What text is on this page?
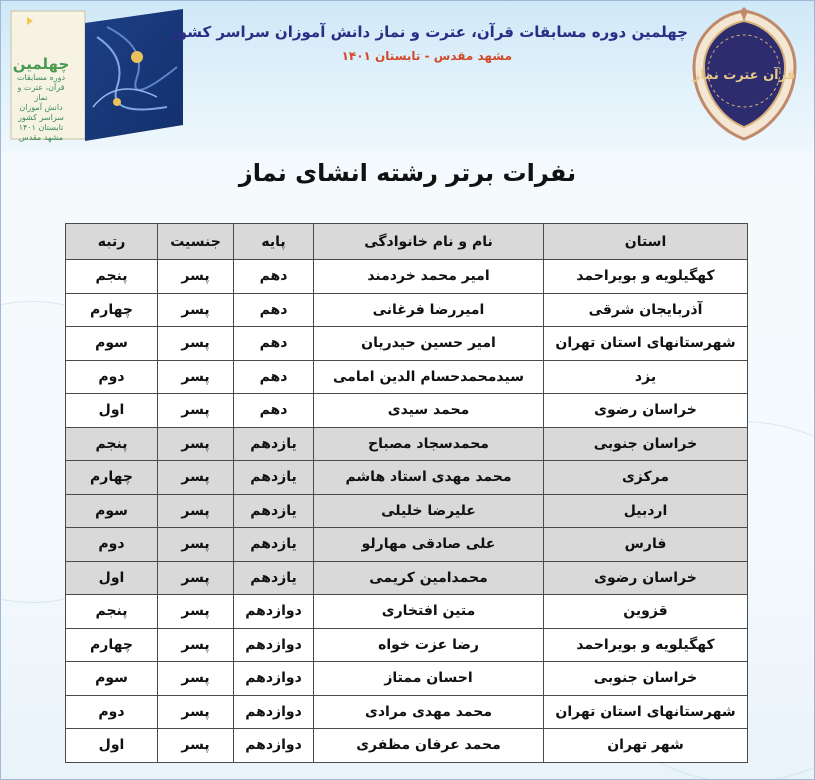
چهلمین
دوره مسابقات
قرآن، عترت و نماز
دانش آموزان سراسر کشور
تابستان ۱۴۰۱
مشهد مقدس
چهلمین دوره مسابقات قرآن، عترت و نماز دانش آموزان سراسر کشور
مشهد مقدس - تابستان ۱۴۰۱
قرآن عترت نماز
نفرات برتر رشته انشای نماز
استان	نام و نام خانوادگی	پایه	جنسیت	رتبه
کهگیلویه و بویراحمد	امیر محمد خردمند	دهم	پسر	پنجم
آذربایجان شرقی	امیررضا فرغانی	دهم	پسر	چهارم
شهرستانهای استان تهران	امیر حسین حیدریان	دهم	پسر	سوم
یزد	سیدمحمدحسام الدین امامی	دهم	پسر	دوم
خراسان رضوی	محمد سیدی	دهم	پسر	اول
خراسان جنوبی	محمدسجاد مصباح	یازدهم	پسر	پنجم
مرکزی	محمد مهدی استاد هاشم	یازدهم	پسر	چهارم
اردبیل	علیرضا خلیلی	یازدهم	پسر	سوم
فارس	علی صادقی مهارلو	یازدهم	پسر	دوم
خراسان رضوی	محمدامین کریمی	یازدهم	پسر	اول
قزوین	متین افتخاری	دوازدهم	پسر	پنجم
کهگیلویه و بویراحمد	رضا عزت خواه	دوازدهم	پسر	چهارم
خراسان جنوبی	احسان ممتاز	دوازدهم	پسر	سوم
شهرستانهای استان تهران	محمد مهدی مرادی	دوازدهم	پسر	دوم
شهر تهران	محمد عرفان مظفری	دوازدهم	پسر	اول
